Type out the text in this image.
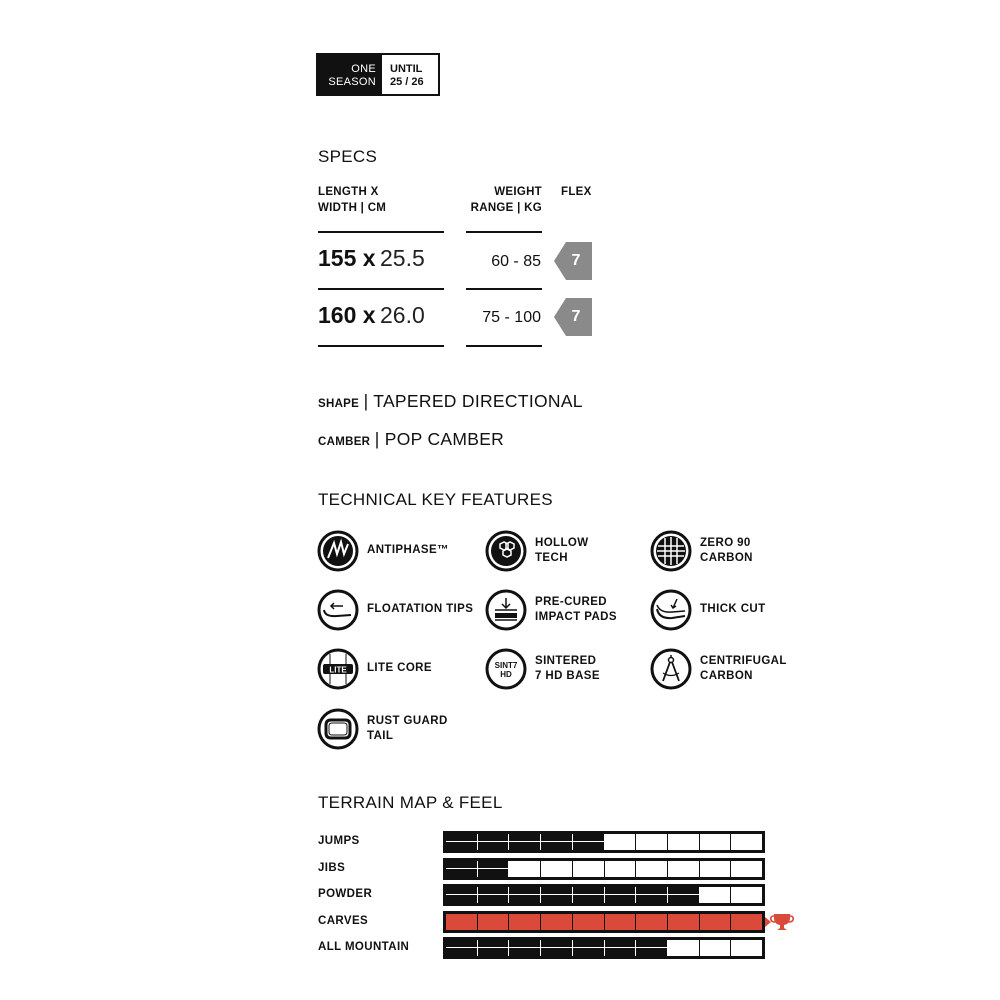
ONE
SEASON
UNTIL
25 / 26
SPECS
LENGTH X
WIDTH | CM
WEIGHT
RANGE | KG
FLEX
155 x 25.5	60 - 85	7
160 x 26.0	75 - 100	7
SHAPE | TAPERED DIRECTIONAL
CAMBER | POP CAMBER
TECHNICAL KEY FEATURES
ANTIPHASE™
HOLLOW
TECH
ZERO 90
CARBON
FLOATATION TIPS
PRE-CURED
IMPACT PADS
THICK CUT
LITE LITE CORE	SINT7
HD
SINTERED
7 HD BASE
CENTRIFUGAL
CARBON
RUST GUARD
TAIL
TERRAIN MAP & FEEL
JUMPS
JIBS
POWDER
CARVES
ALL MOUNTAIN
